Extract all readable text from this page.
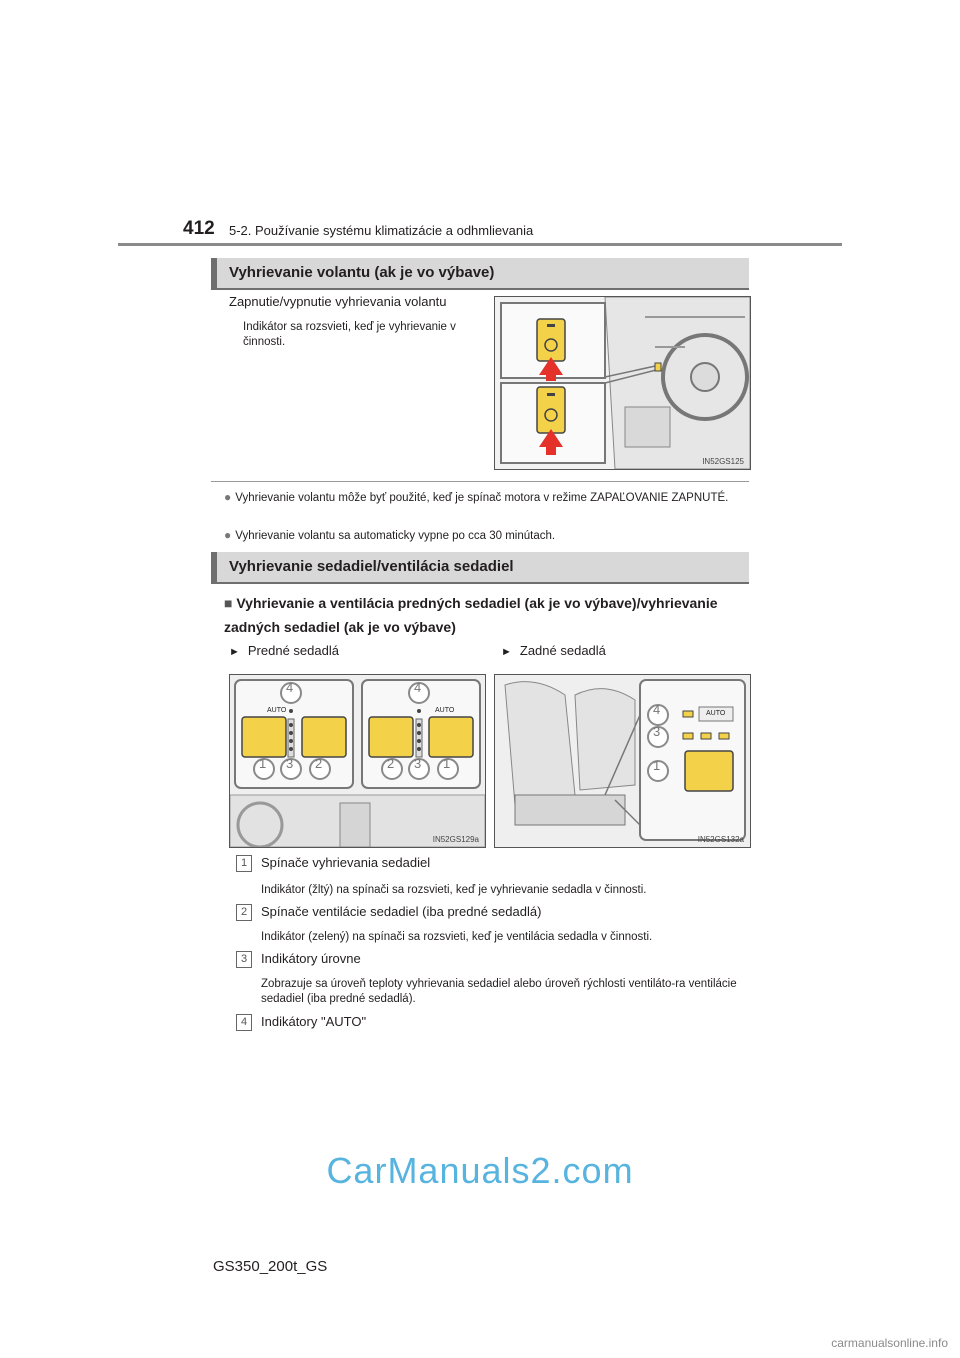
412 5-2. Používanie systému klimatizácie a odhmlievania
Vyhrievanie volantu (ak je vo výbave)
Zapnutie/vypnutie vyhrievania volantu
Indikátor sa rozsvieti, keď je vyhrievanie v činnosti.
IN52GS125
● Vyhrievanie volantu môže byť použité, keď je spínač motora v režime ZAPAĽOVANIE ZAPNUTÉ.
● Vyhrievanie volantu sa automaticky vypne po cca 30 minútach.
Vyhrievanie sedadiel/ventilácia sedadiel
■ Vyhrievanie a ventilácia predných sedadiel (ak je vo výbave)/vyhrievanie zadných sedadiel (ak je vo výbave)
► Predné sedadlá	► Zadné sedadlá
AUTO	AUTO
4	4
1 3 2	2 3 1
IN52GS129a
AUTO
4
3
1
IN52GS132a
1	Spínače vyhrievania sedadiel
Indikátor (žltý) na spínači sa rozsvieti, keď je vyhrievanie sedadla v činnosti.
2	Spínače ventilácie sedadiel (iba predné sedadlá)
Indikátor (zelený) na spínači sa rozsvieti, keď je ventilácia sedadla v činnosti.
3	Indikátory úrovne
Zobrazuje sa úroveň teploty vyhrievania sedadiel alebo úroveň rýchlosti ventiláto-ra ventilácie sedadiel (iba predné sedadlá).
4	Indikátory "AUTO"
CarManuals2.com
GS350_200t_GS
carmanualsonline.info
